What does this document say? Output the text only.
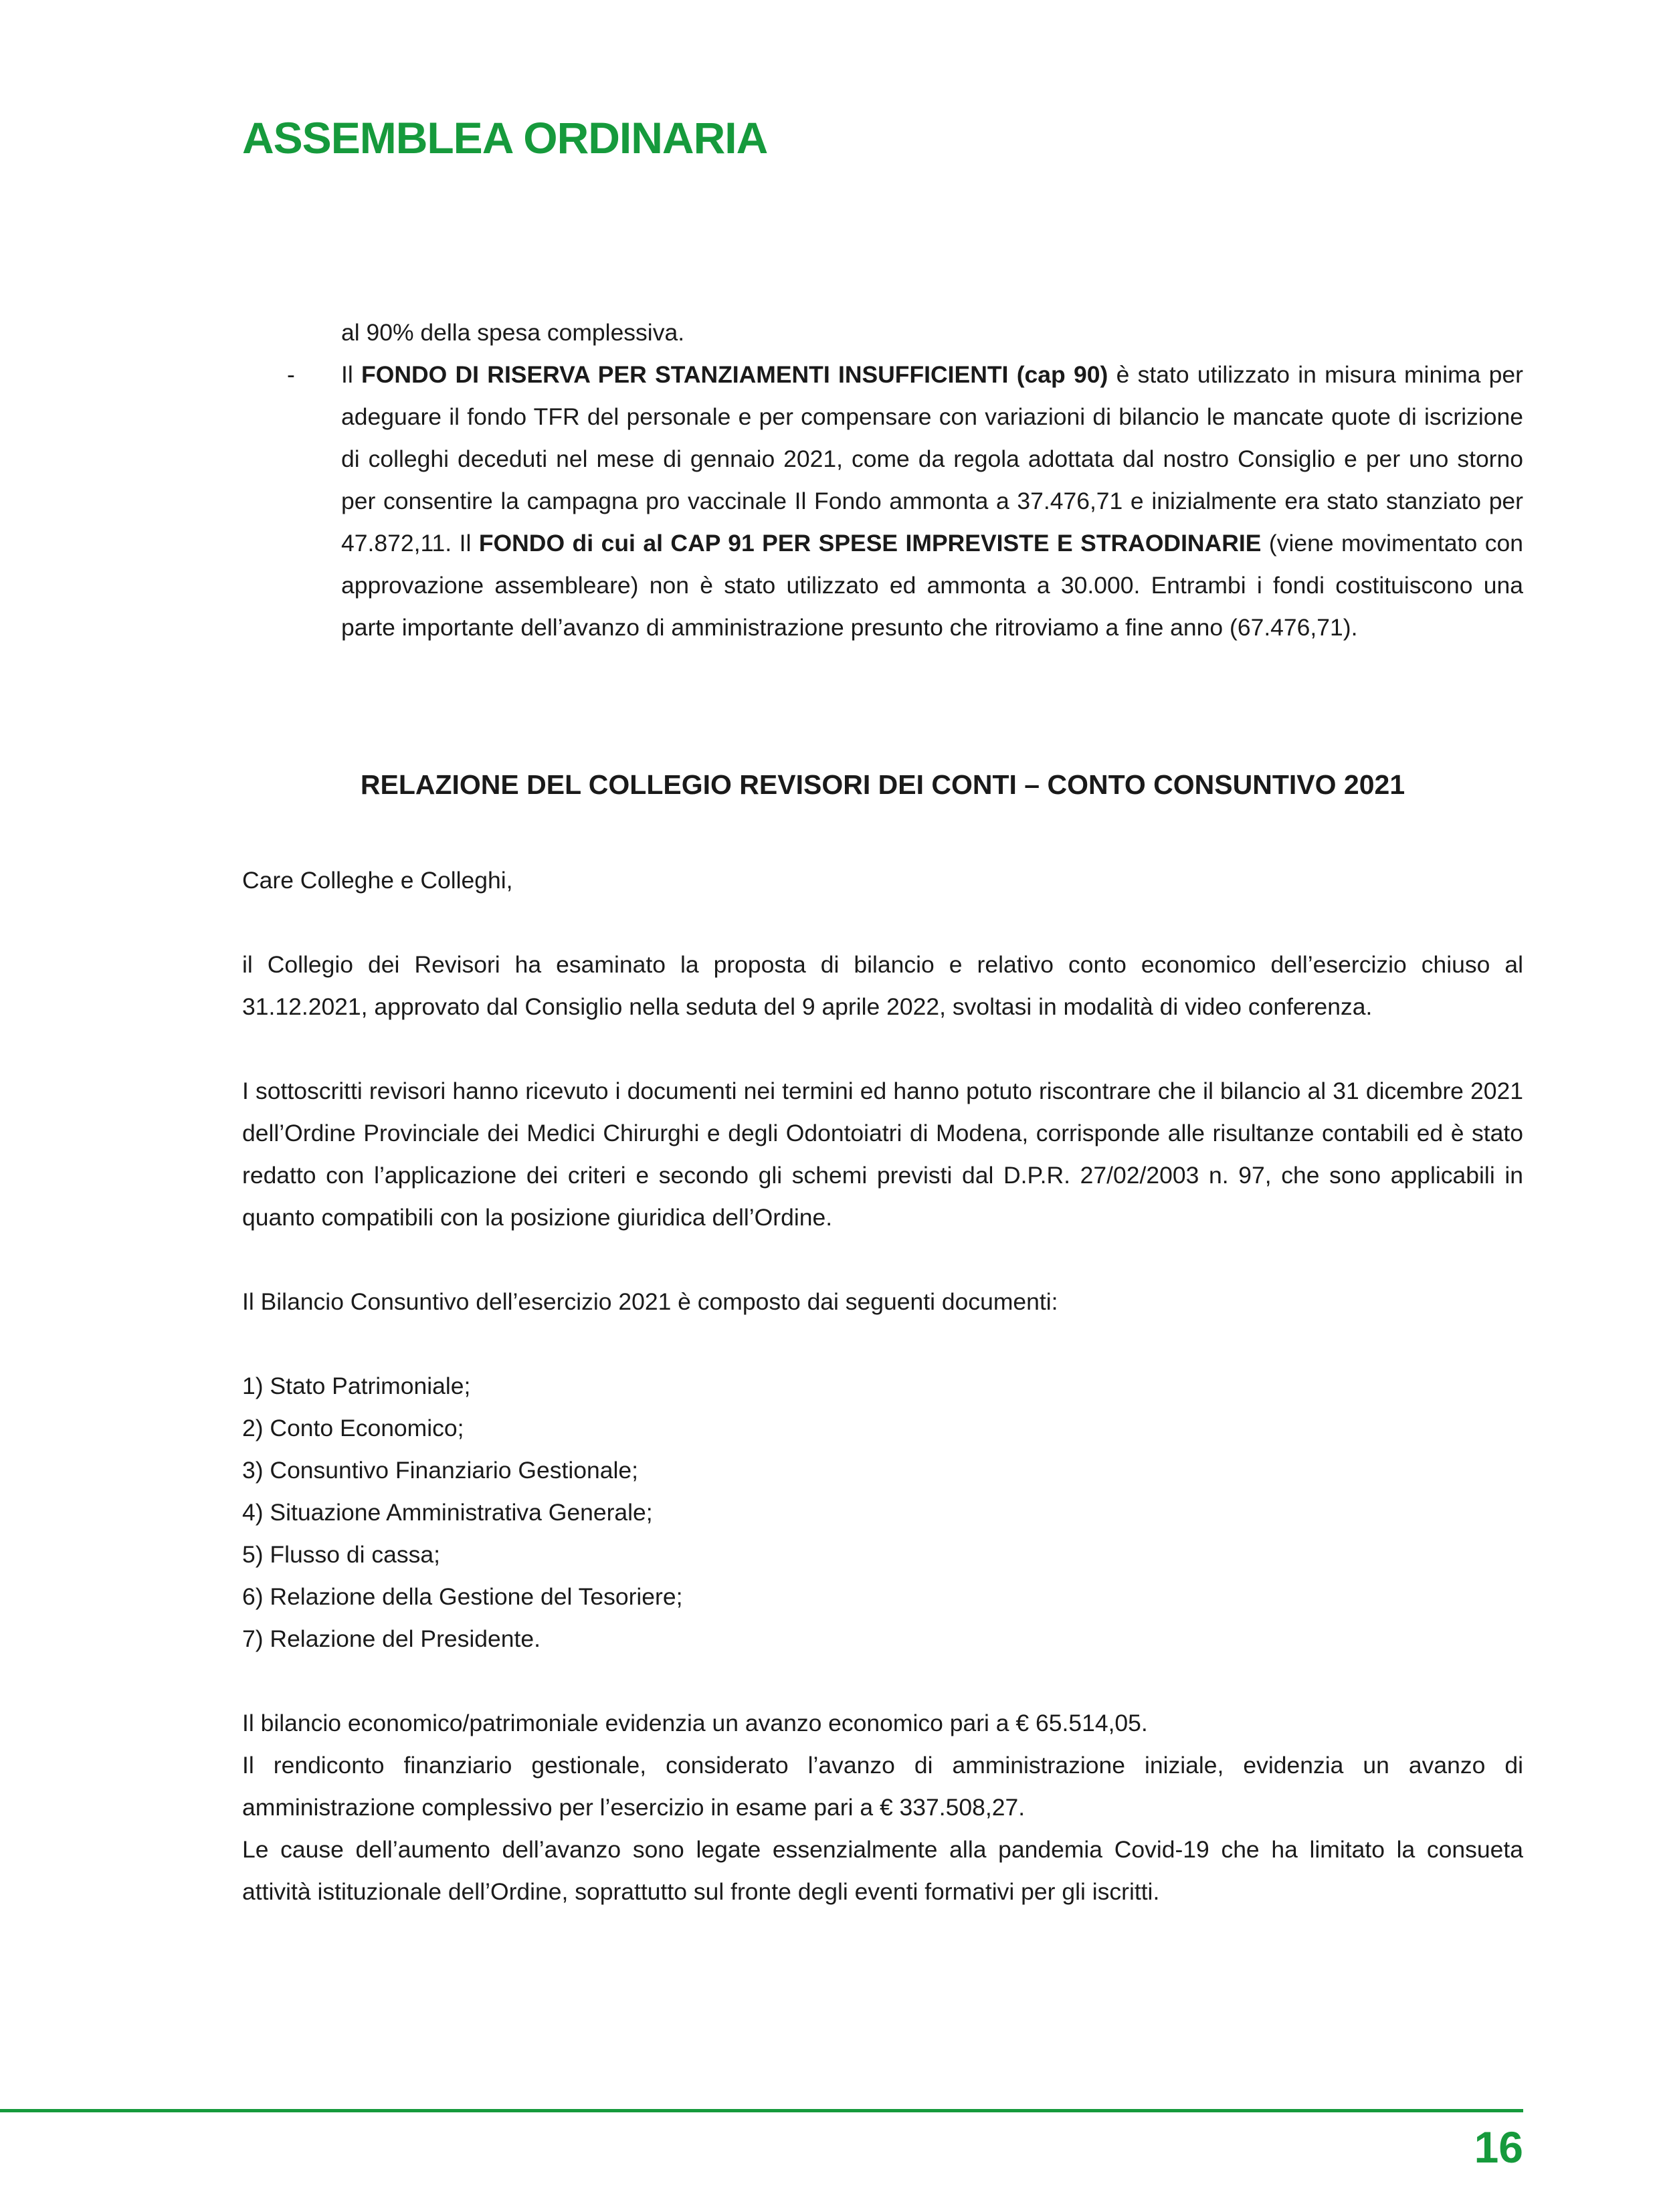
ASSEMBLEA ORDINARIA
al 90% della spesa complessiva.
- Il FONDO DI RISERVA PER STANZIAMENTI INSUFFICIENTI (cap 90) è stato utilizzato in misura minima per adeguare il fondo TFR del personale e per compensare con variazioni di bilancio le mancate quote di iscrizione di colleghi deceduti nel mese di gennaio 2021, come da regola adottata dal nostro Consiglio e per uno storno per consentire la campagna pro vaccinale Il Fondo ammonta a 37.476,71 e inizialmente era stato stanziato per 47.872,11. Il FONDO di cui al CAP 91 PER SPESE IMPREVISTE E STRAODINARIE (viene movimentato con approvazione assembleare) non è stato utilizzato ed ammonta a 30.000. Entrambi i fondi costituiscono una parte importante dell’avanzo di amministrazione presunto che ritroviamo a fine anno (67.476,71).
RELAZIONE DEL COLLEGIO REVISORI DEI CONTI – CONTO CONSUNTIVO 2021

Care Colleghe e Colleghi,

il Collegio dei Revisori ha esaminato la proposta di bilancio e relativo conto economico dell’esercizio chiuso al 31.12.2021, approvato dal Consiglio nella seduta del 9 aprile 2022, svoltasi in modalità di video conferenza.

I sottoscritti revisori hanno ricevuto i documenti nei termini ed hanno potuto riscontrare che il bilancio al 31 dicembre 2021 dell’Ordine Provinciale dei Medici Chirurghi e degli Odontoiatri di Modena, corrisponde alle risultanze contabili ed è stato redatto con l’applicazione dei criteri e secondo gli schemi previsti dal D.P.R. 27/02/2003 n. 97, che sono applicabili in quanto compatibili con la posizione giuridica dell’Ordine.

Il Bilancio Consuntivo dell’esercizio 2021 è composto dai seguenti documenti:

1) Stato Patrimoniale;
2) Conto Economico;
3) Consuntivo Finanziario Gestionale;
4) Situazione Amministrativa Generale;
5) Flusso di cassa;
6) Relazione della Gestione del Tesoriere;
7) Relazione del Presidente.

Il bilancio economico/patrimoniale evidenzia un avanzo economico pari a € 65.514,05.

Il rendiconto finanziario gestionale, considerato l’avanzo di amministrazione iniziale, evidenzia un avanzo di amministrazione complessivo per l’esercizio in esame pari a € 337.508,27.

Le cause dell’aumento dell’avanzo sono legate essenzialmente alla pandemia Covid-19 che ha limitato la consueta attività istituzionale dell’Ordine, soprattutto sul fronte degli eventi formativi per gli iscritti.

16
